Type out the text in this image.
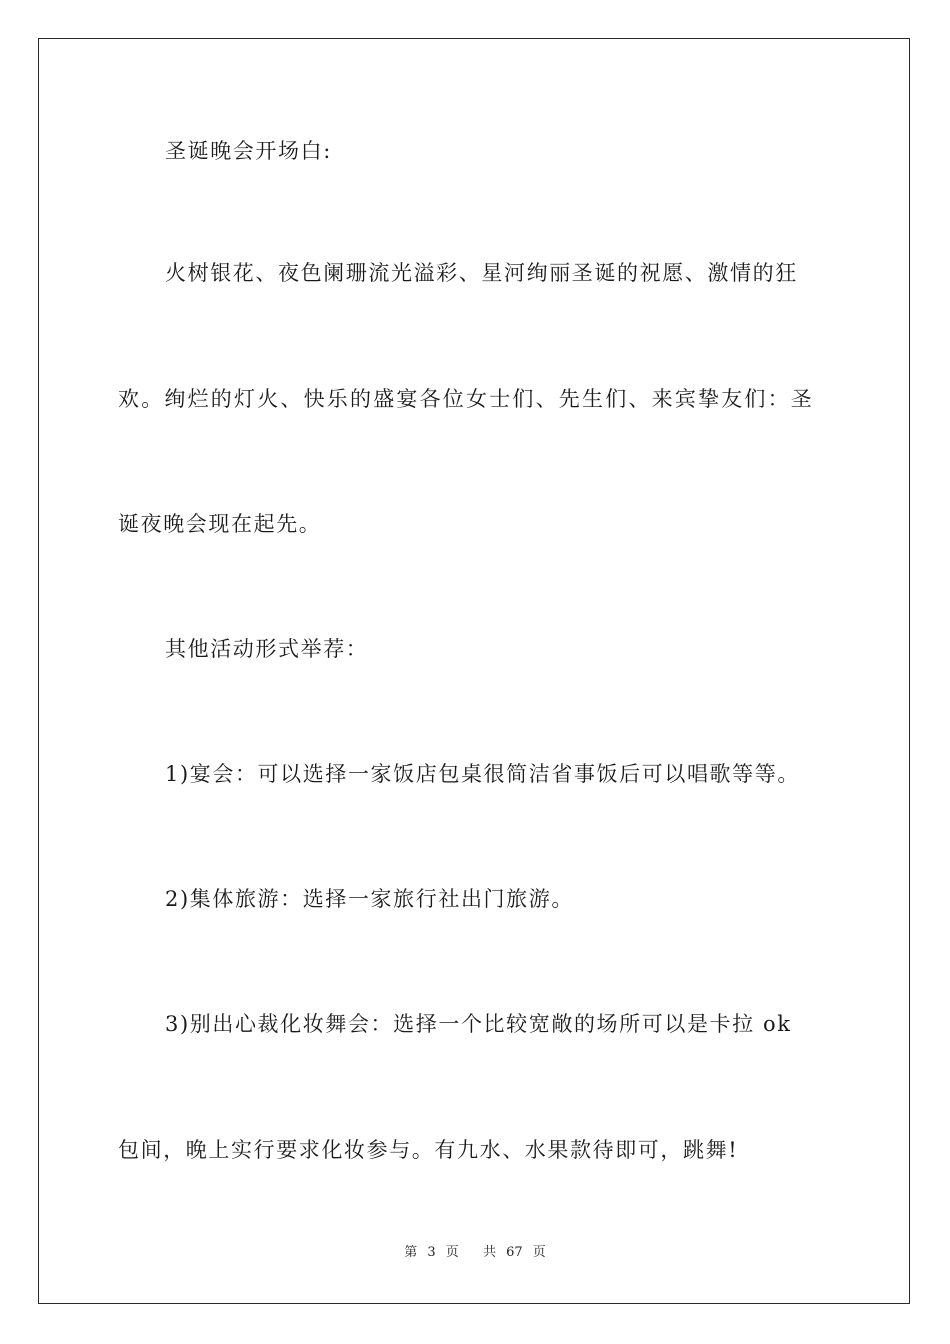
圣诞晚会开场白:
火树银花、夜色阑珊流光溢彩、星河绚丽圣诞的祝愿、激情的狂
欢。绚烂的灯火、快乐的盛宴各位女士们、先生们、来宾挚友们：圣
诞夜晚会现在起先。
其他活动形式举荐：
1)宴会：可以选择一家饭店包桌很简洁省事饭后可以唱歌等等。
2)集体旅游：选择一家旅行社出门旅游。
3)别出心裁化妆舞会：选择一个比较宽敞的场所可以是卡拉 ok
包间，晚上实行要求化妆参与。有九水、水果款待即可，跳舞!
第 3 页 共 67 页
